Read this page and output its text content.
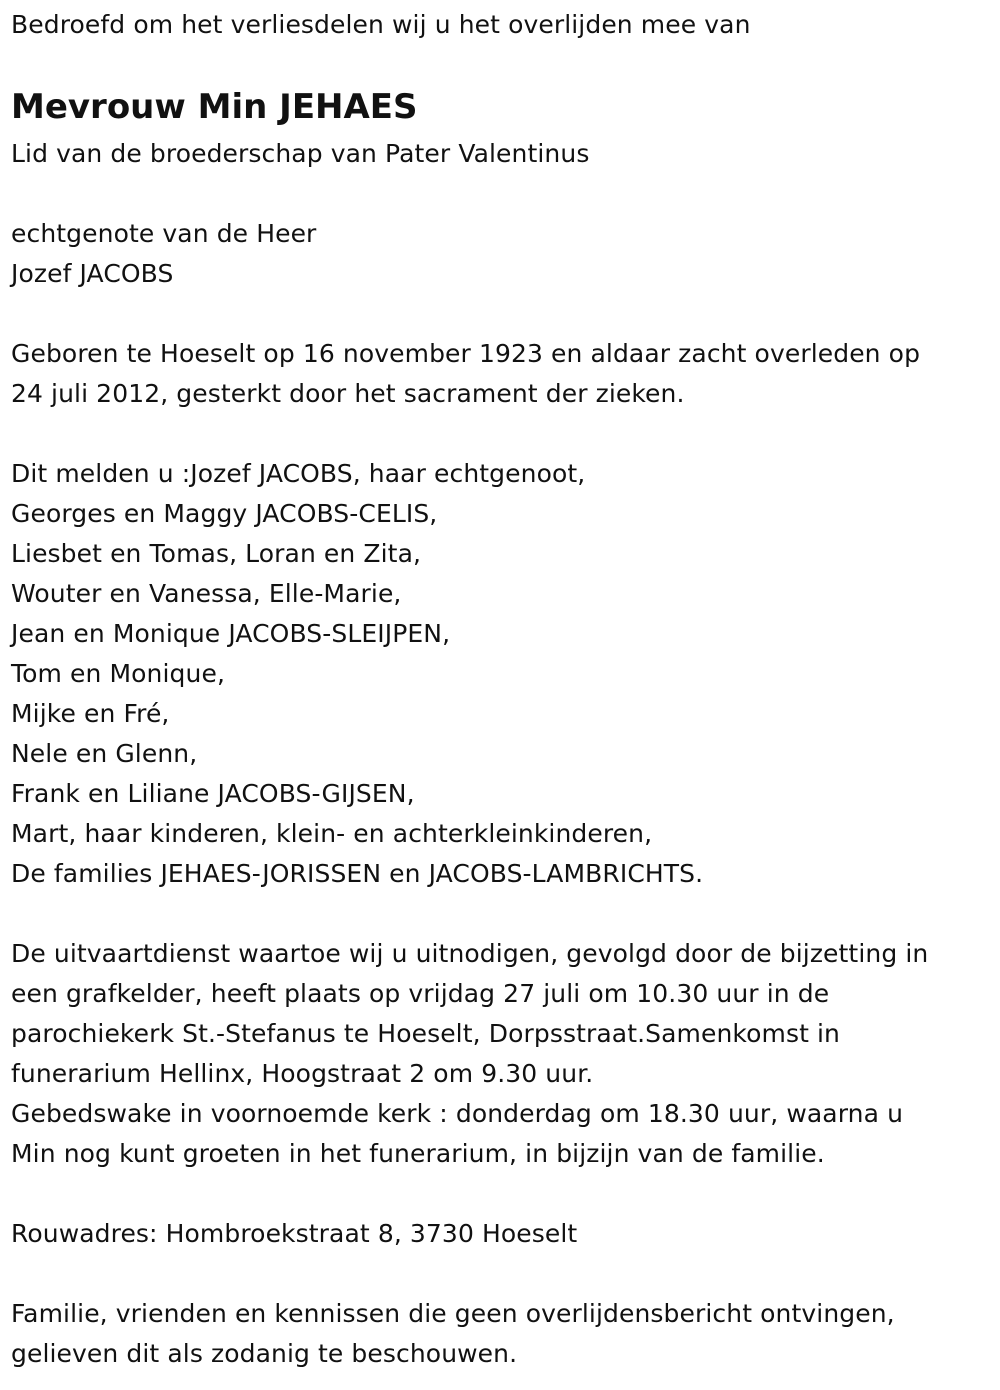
Bedroefd om het verliesdelen wij u het overlijden mee van
Mevrouw Min JEHAES
Lid van de broederschap van Pater Valentinus
echtgenote van de Heer
Jozef JACOBS
Geboren te Hoeselt op 16 november 1923 en aldaar zacht overleden op
24 juli 2012, gesterkt door het sacrament der zieken.
Dit melden u :Jozef JACOBS, haar echtgenoot,
Georges en Maggy JACOBS-CELIS,
Liesbet en Tomas, Loran en Zita,
Wouter en Vanessa, Elle-Marie,
Jean en Monique JACOBS-SLEIJPEN,
Tom en Monique,
Mijke en Fré,
Nele en Glenn,
Frank en Liliane JACOBS-GIJSEN,
Mart, haar kinderen, klein- en achterkleinkinderen,
De families JEHAES-JORISSEN en JACOBS-LAMBRICHTS.
De uitvaartdienst waartoe wij u uitnodigen, gevolgd door de bijzetting in
een grafkelder, heeft plaats op vrijdag 27 juli om 10.30 uur in de
parochiekerk St.-Stefanus te Hoeselt, Dorpsstraat.Samenkomst in
funerarium Hellinx, Hoogstraat 2 om 9.30 uur.
Gebedswake in voornoemde kerk : donderdag om 18.30 uur, waarna u
Min nog kunt groeten in het funerarium, in bijzijn van de familie.
Rouwadres: Hombroekstraat 8, 3730 Hoeselt
Familie, vrienden en kennissen die geen overlijdensbericht ontvingen,
gelieven dit als zodanig te beschouwen.
